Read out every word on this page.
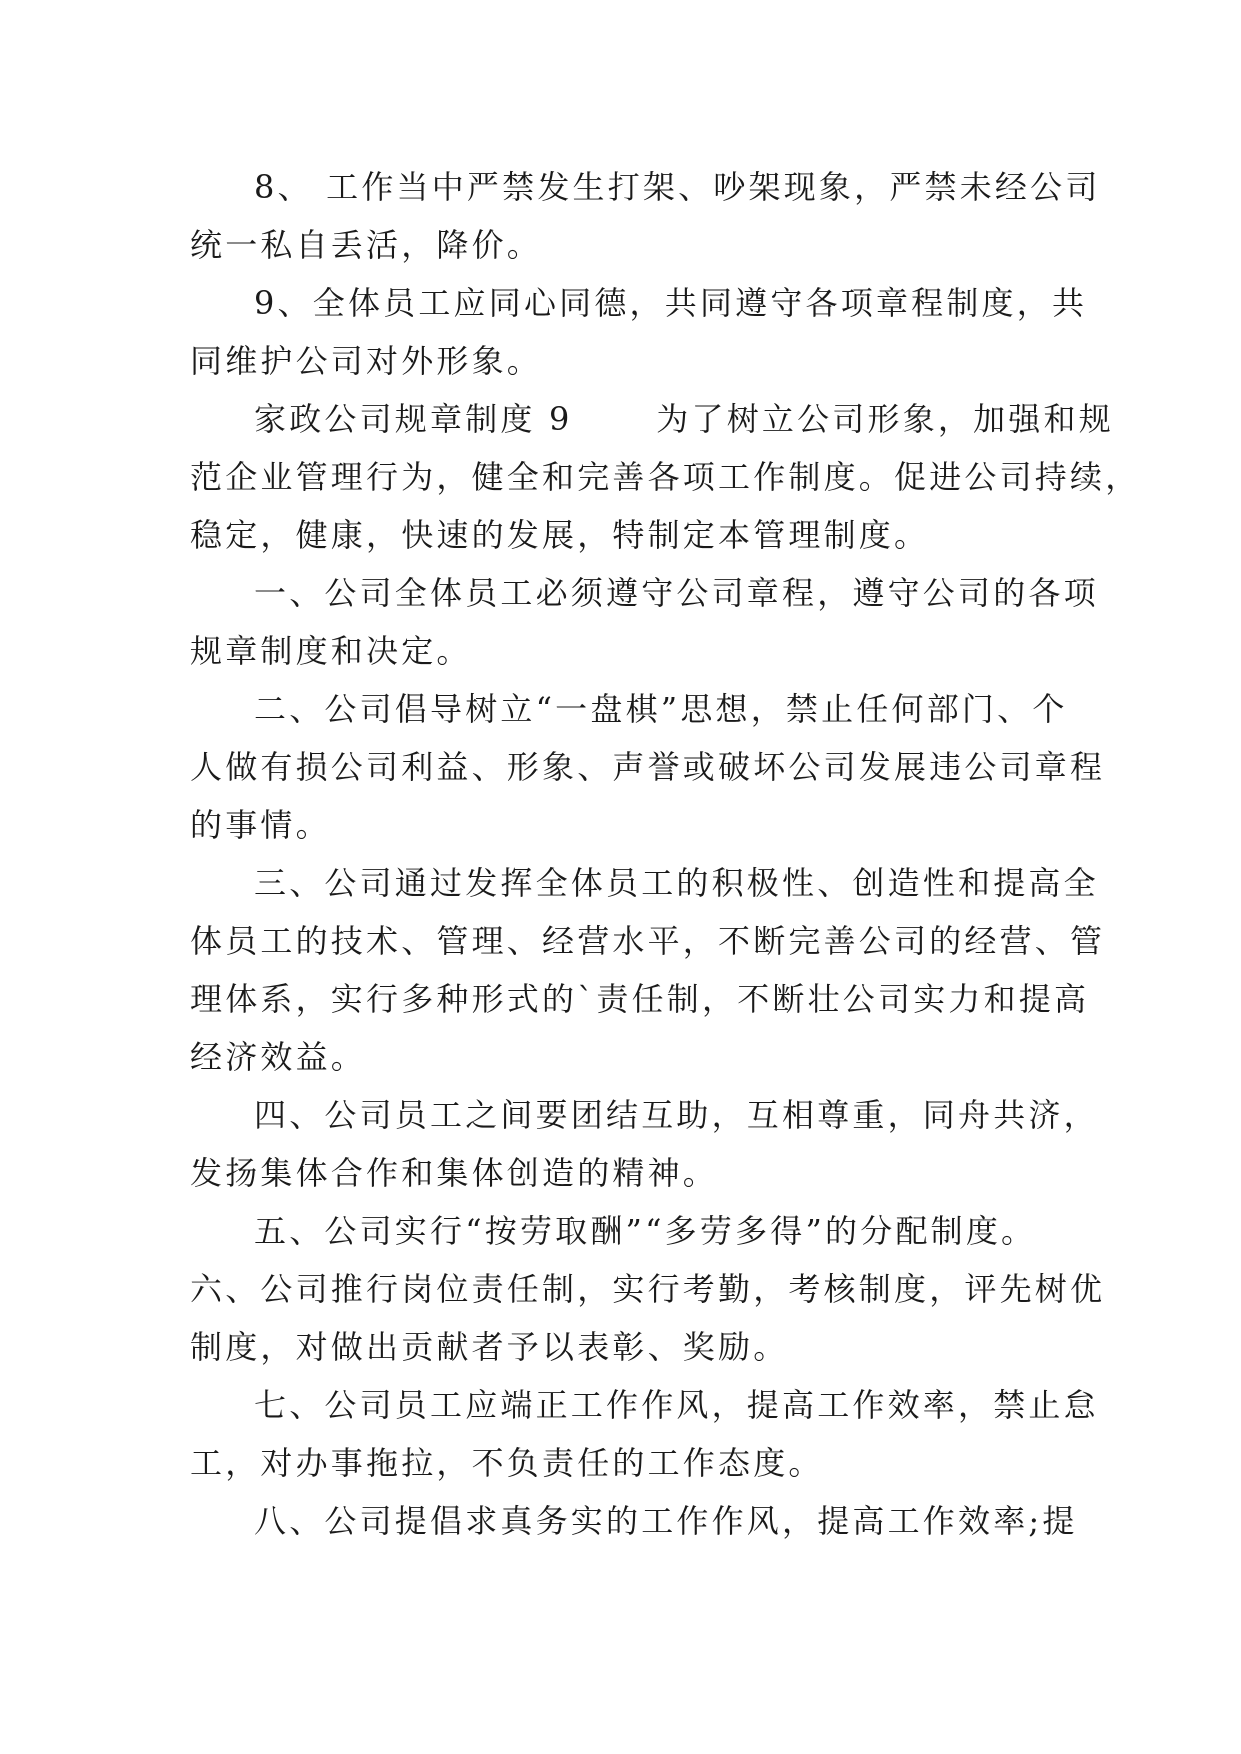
8、 工作当中严禁发生打架、吵架现象，严禁未经公司
统一私自丢活，降价。
9、全体员工应同心同德，共同遵守各项章程制度，共
同维护公司对外形象。
家政公司规章制度 9 　　为了树立公司形象，加强和规
范企业管理行为，健全和完善各项工作制度。促进公司持续，
稳定，健康，快速的发展，特制定本管理制度。
一、公司全体员工必须遵守公司章程，遵守公司的各项
规章制度和决定。
二、公司倡导树立“一盘棋”思想，禁止任何部门、个
人做有损公司利益、形象、声誉或破坏公司发展违公司章程
的事情。
三、公司通过发挥全体员工的积极性、创造性和提高全
体员工的技术、管理、经营水平，不断完善公司的经营、管
理体系，实行多种形式的`责任制，不断壮公司实力和提高
经济效益。
四、公司员工之间要团结互助，互相尊重，同舟共济，
发扬集体合作和集体创造的精神。
五、公司实行“按劳取酬”“多劳多得”的分配制度。
六、公司推行岗位责任制，实行考勤，考核制度，评先树优
制度，对做出贡献者予以表彰、奖励。
七、公司员工应端正工作作风，提高工作效率，禁止怠
工，对办事拖拉，不负责任的工作态度。
八、公司提倡求真务实的工作作风，提高工作效率;提
